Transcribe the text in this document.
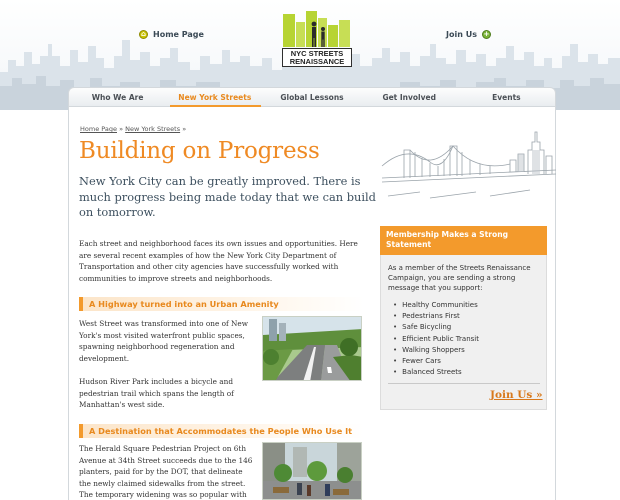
⌂ Home Page	Join Us +
NYC STREETS
RENAISSANCE
Who We Are	New York Streets	Global Lessons	Get Involved	Events
Home Page » New York Streets »
Building on Progress
New York City can be greatly improved. There is much progress being made today that we can build on tomorrow.
Each street and neighborhood faces its own issues and opportunities. Here are several recent examples of how the New York City Department of Transportation and other city agencies have successfully worked with communities to improve streets and neighborhoods.
A Highway turned into an Urban Amenity
West Street was transformed into one of New York's most visited waterfront public spaces, spawning neighborhood regeneration and development.
Hudson River Park includes a bicycle and pedestrian trail which spans the length of Manhattan's west side.
A Destination that Accommodates the People Who Use It
The Herald Square Pedestrian Project on 6th Avenue at 34th Street succeeds due to the 146 planters, paid for by the DOT, that delineate the newly claimed sidewalks from the street. The temporary widening was so popular with
Membership Makes a Strong Statement
As a member of the Streets Renaissance Campaign, you are sending a strong message that you support:
• Healthy Communities
• Pedestrians First
• Safe Bicycling
• Efficient Public Transit
• Walking Shoppers
• Fewer Cars
• Balanced Streets
Join Us »
